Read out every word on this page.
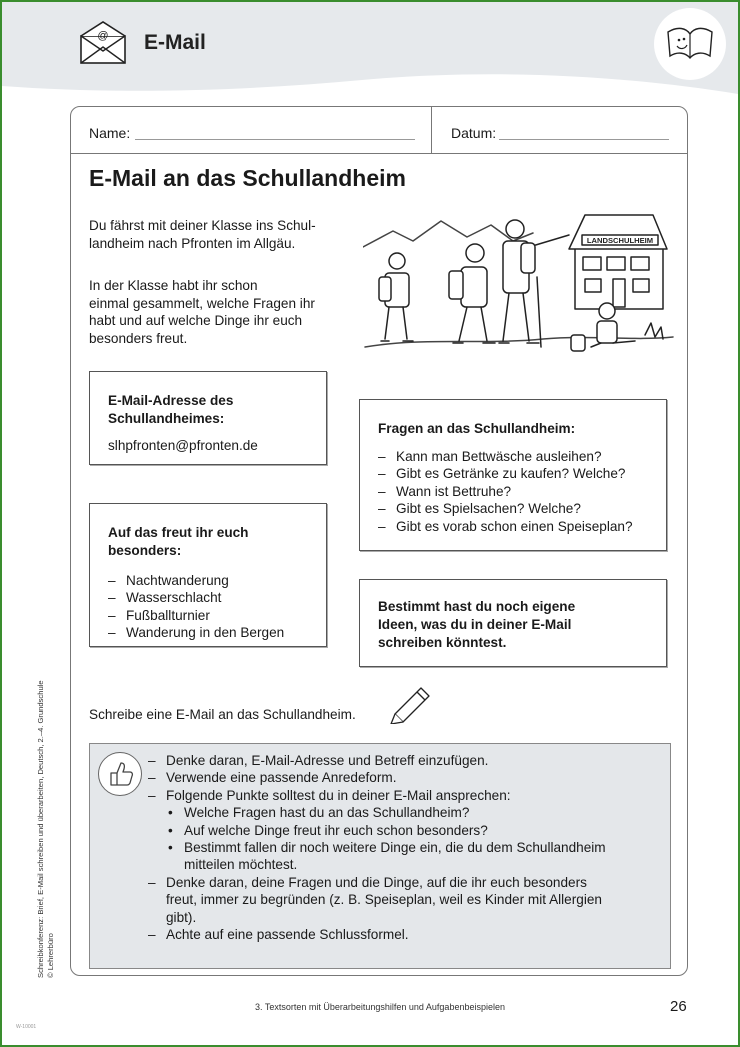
@ E-Mail
Name:	Datum:
E-Mail an das Schullandheim
Du fährst mit deiner Klasse ins Schul-
landheim nach Pfronten im Allgäu.
In der Klasse habt ihr schon
einmal gesammelt, welche Fragen ihr
habt und auf welche Dinge ihr euch
besonders freut.
LANDSCHULHEIM
E-Mail-Adresse des
Schullandheimes:
slhpfronten@pfronten.de
Auf das freut ihr euch
besonders:
– Nachtwanderung
– Wasserschlacht
– Fußballturnier
– Wanderung in den Bergen
Fragen an das Schullandheim:
– Kann man Bettwäsche ausleihen?
– Gibt es Getränke zu kaufen? Welche?
– Wann ist Bettruhe?
– Gibt es Spielsachen? Welche?
– Gibt es vorab schon einen Speiseplan?
Bestimmt hast du noch eigene
Ideen, was du in deiner E-Mail
schreiben könntest.
Schreibe eine E-Mail an das Schullandheim.
– Denke daran, E-Mail-Adresse und Betreff einzufügen.
– Verwende eine passende Anredeform.
– Folgende Punkte solltest du in deiner E-Mail ansprechen:
• Welche Fragen hast du an das Schullandheim?
• Auf welche Dinge freut ihr euch schon besonders?
• Bestimmt fallen dir noch weitere Dinge ein, die du dem Schullandheim
mitteilen möchtest.
– Denke daran, deine Fragen und die Dinge, auf die ihr euch besonders
freut, immer zu begründen (z. B. Speiseplan, weil es Kinder mit Allergien
gibt).
– Achte auf eine passende Schlussformel.
3. Textsorten mit Überarbeitungshilfen und Aufgabenbeispielen	26
Schreibkonferenz: Brief, E-Mail schreiben und überarbeiten, Deutsch, 2.–4. Grundschule © Lehrerbüro
W-10001
